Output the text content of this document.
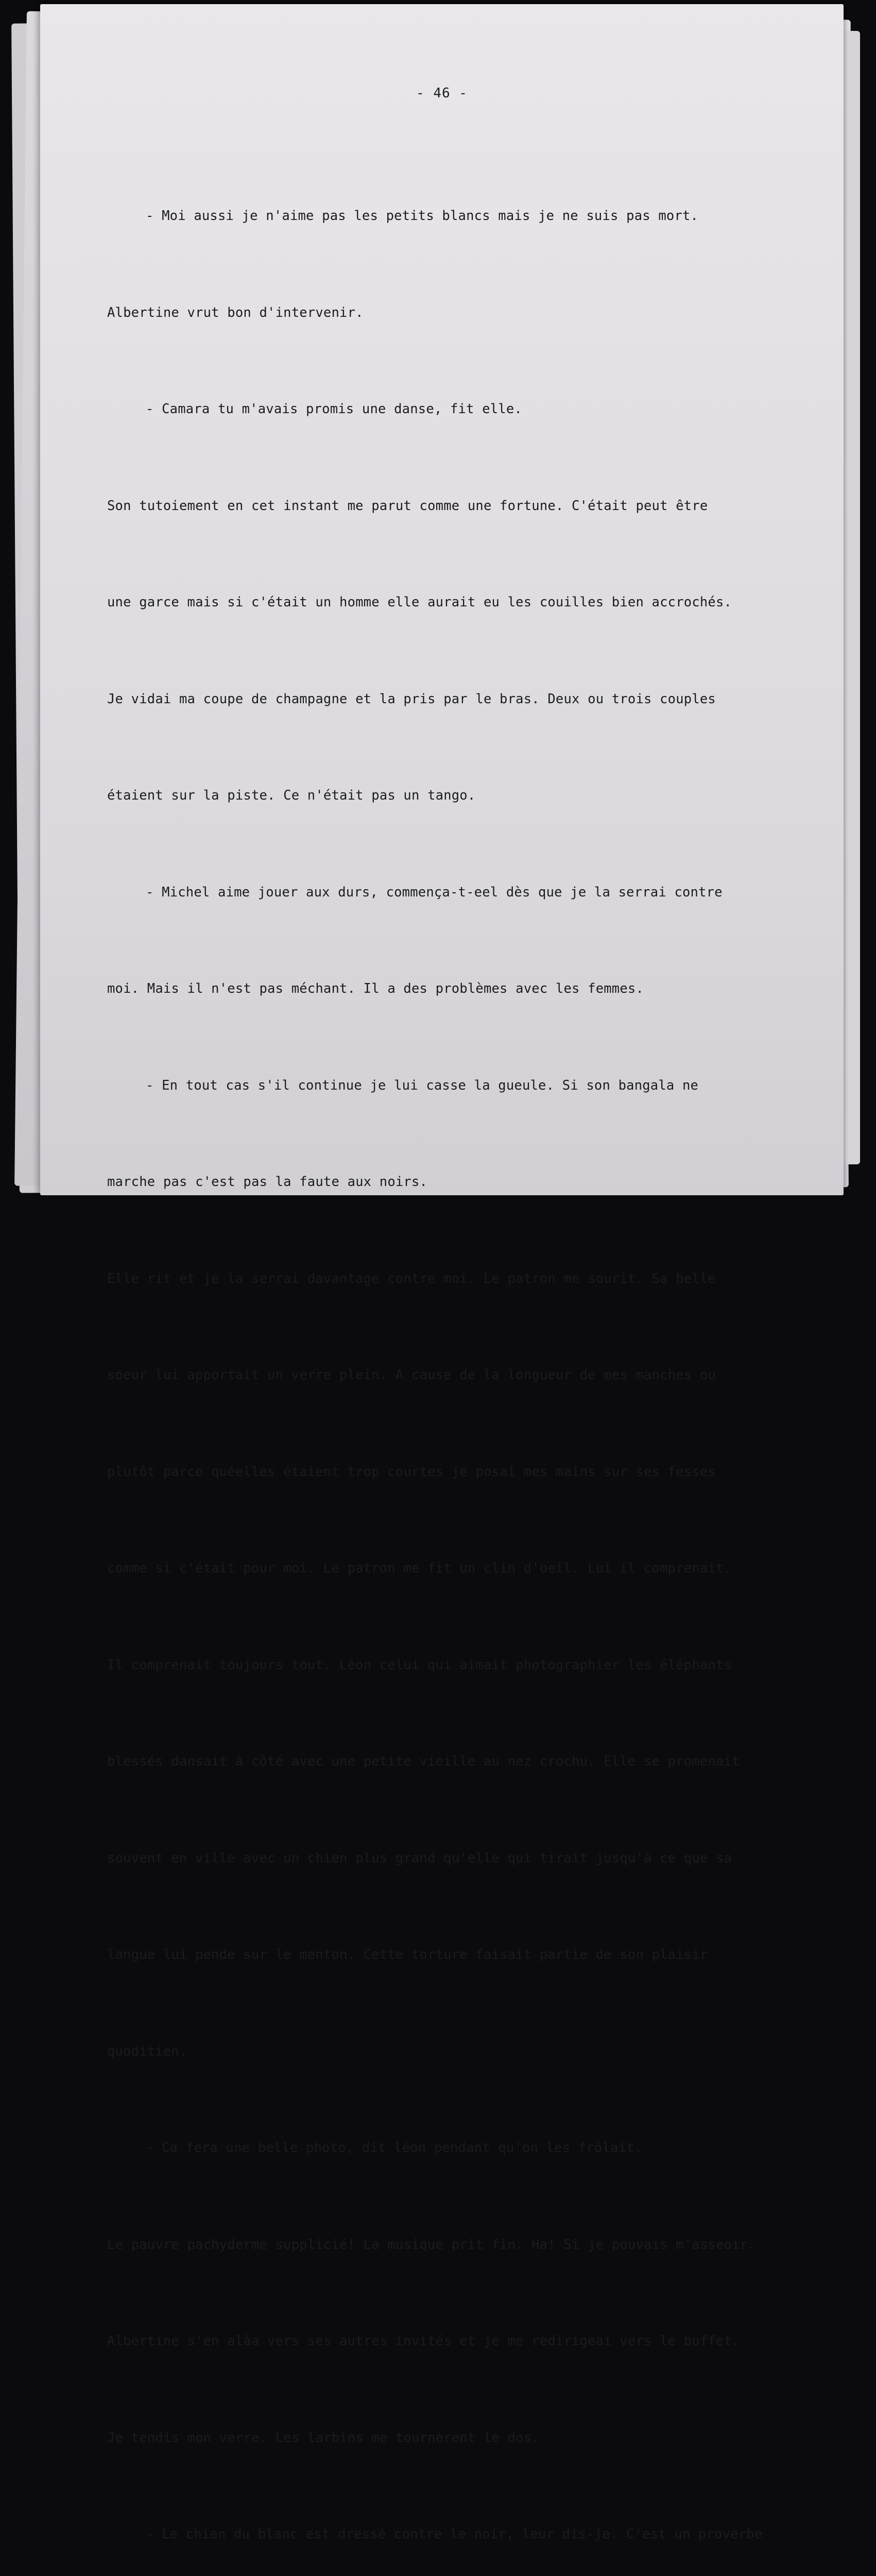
- 46 -

- Moi aussi je n'aime pas les petits blancs mais je ne suis pas mort.

Albertine vrut bon d'intervenir.

- Camara tu m'avais promis une danse, fit elle.

Son tutoiement en cet instant me parut comme une fortune. C'était peut être

une garce mais si c'était un homme elle aurait eu les couilles bien accrochés.

Je vidai ma coupe de champagne et la pris par le bras. Deux ou trois couples

étaient sur la piste. Ce n'était pas un tango.

- Michel aime jouer aux durs, commença-t-eel dès que je la serrai contre

moi. Mais il n'est pas méchant. Il a des problèmes avec les femmes.

- En tout cas s'il continue je lui casse la gueule. Si son bangala ne

marche pas c'est pas la faute aux noirs.

Elle rit et je la serrai davantage contre moi. Le patron me sourit. Sa belle

soeur lui apportait un verre plein. A cause de la longueur de mes manches ou

plutôt parce quéelles étaient trop courtes je posai mes mains sur ses fesses

comme si c'était pour moi. Le patron me fit un clin d'oeil. Lui il comprenait.

Il comprenait toujours tout. Léon celui qui aimait photographier les éléphants

blessés dansait à côté avec une petite vieille au nez crochu. Elle se promenait

souvent en ville avec un chien plus grand qu'elle qui tirait jusqu'à ce que sa

langue lui pende sur le menton. Cette torture faisait partie de son plaisir

quoditien.

- Ca fera une belle photo, dit léon pendant qu'on les frôlait.

Le pauvre pachyderme supplicié! La musique prit fin. Ha! Si je pouvais m'asseoir.

Albertine s'en alàa vers ses autres invités et je me redirigeai vers le buffet.

Je tendis mon verre. Les larbins me tournèrent le dos.

- Le chien du blanc est dressé contre le noir, leur dis-je. C'est un proverbe
